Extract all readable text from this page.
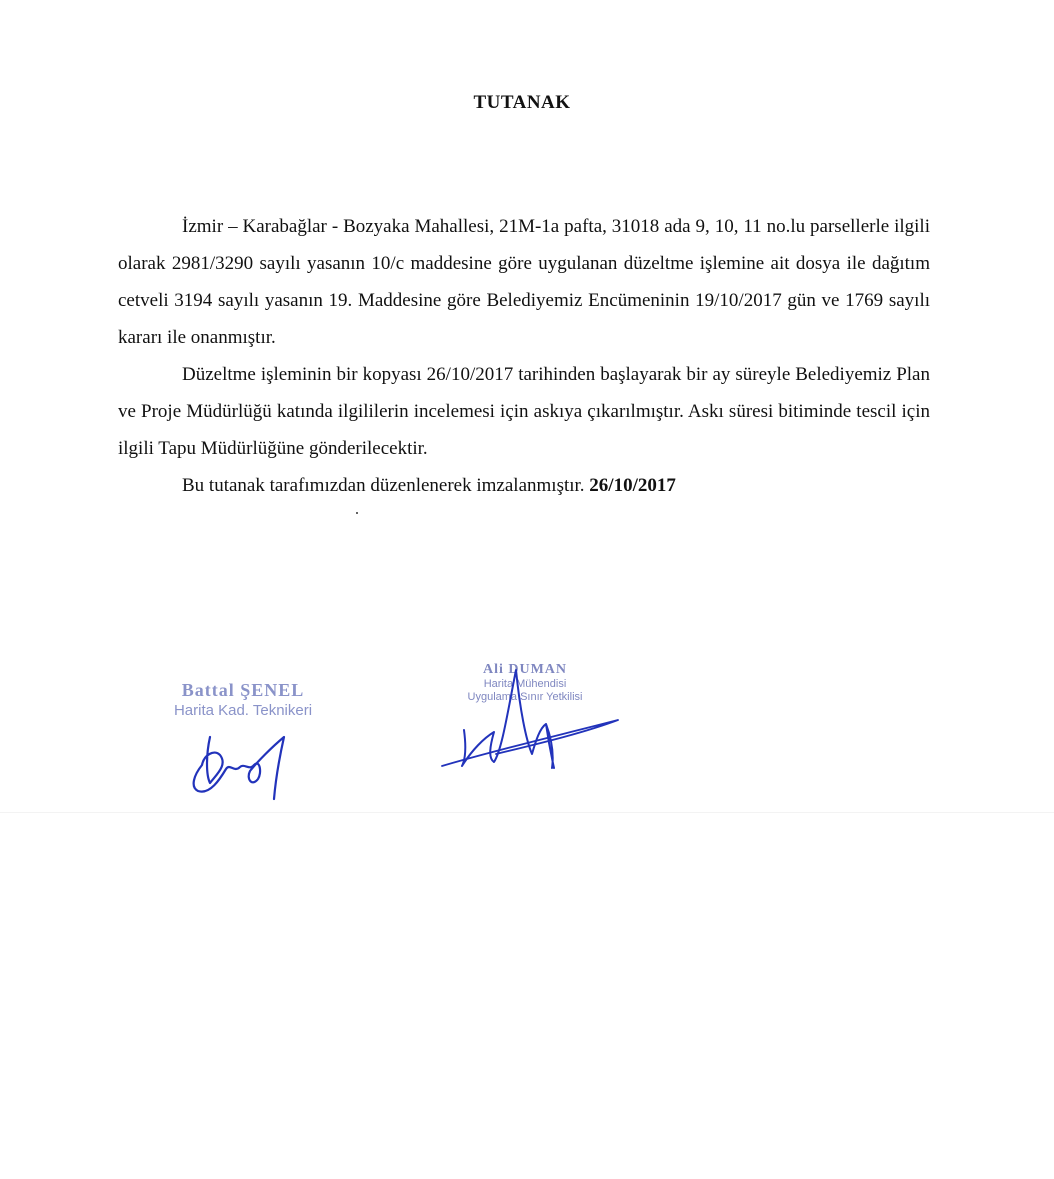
TUTANAK

İzmir – Karabağlar - Bozyaka Mahallesi, 21M-1a pafta, 31018 ada 9, 10, 11 no.lu parsellerle ilgili olarak 2981/3290 sayılı yasanın 10/c maddesine göre uygulanan düzeltme işlemine ait dosya ile dağıtım cetveli 3194 sayılı yasanın 19. Maddesine göre Belediyemiz Encümeninin 19/10/2017 gün ve 1769 sayılı kararı ile onanmıştır.

Düzeltme işleminin bir kopyası 26/10/2017 tarihinden başlayarak bir ay süreyle Belediyemiz Plan ve Proje Müdürlüğü katında ilgililerin incelemesi için askıya çıkarılmıştır. Askı süresi bitiminde tescil için ilgili Tapu Müdürlüğüne gönderilecektir.

Bu tutanak tarafımızdan düzenlenerek imzalanmıştır. 26/10/2017

Battal ŞENEL
Harita Kad. Teknikeri
Ali DUMAN
Harita Mühendisi
Uygulama Sınır Yetkilisi
